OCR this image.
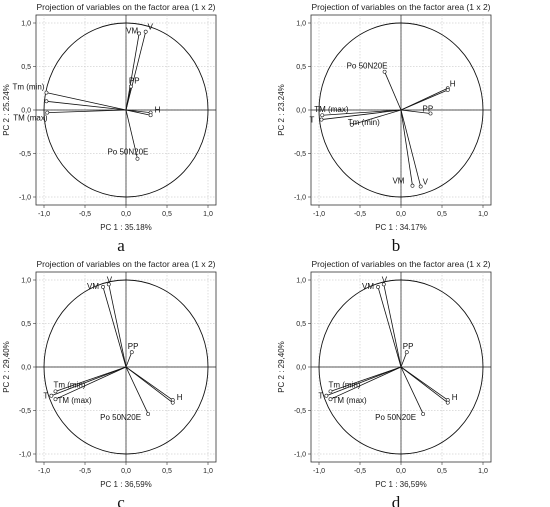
Projection of variables on the factor area (1 x 2)
-1,0
1,0
-0,5
0,5
0,0
0,0
0,5
-0,5
1,0
-1,0
PC 1 : 35.18%
PC 2 : 25.24%
V
VM
PP
H
Tm (min)
TM (max)
Po 50N20E
a
Projection of variables on the factor area (1 x 2)
-1,0
1,0
-0,5
0,5
0,0
0,0
0,5
-0,5
1,0
-1,0
PC 1 : 34.17%
PC 2 : 23.24%
Po 50N20E
H
PP
TM (max)
T	Tm (min)
VM V
b
Projection of variables on the factor area (1 x 2)
-1,0
1,0
-0,5
0,5
0,0
0,0
0,5
-0,5
1,0
-1,0
PC 1 : 36,59%
PC 2 : 29,40%
V
VM
PP
H
Tm (min)
T TM (max)
Po 50N20E
c
Projection of variables on the factor area (1 x 2)
-1,0
1,0
-0,5
0,5
0,0
0,0
0,5
-0,5
1,0
-1,0
PC 1 : 36,59%
PC 2 : 29,40%
V
VM
PP
H
Tm (min)
T TM (max)
Po 50N20E
d
